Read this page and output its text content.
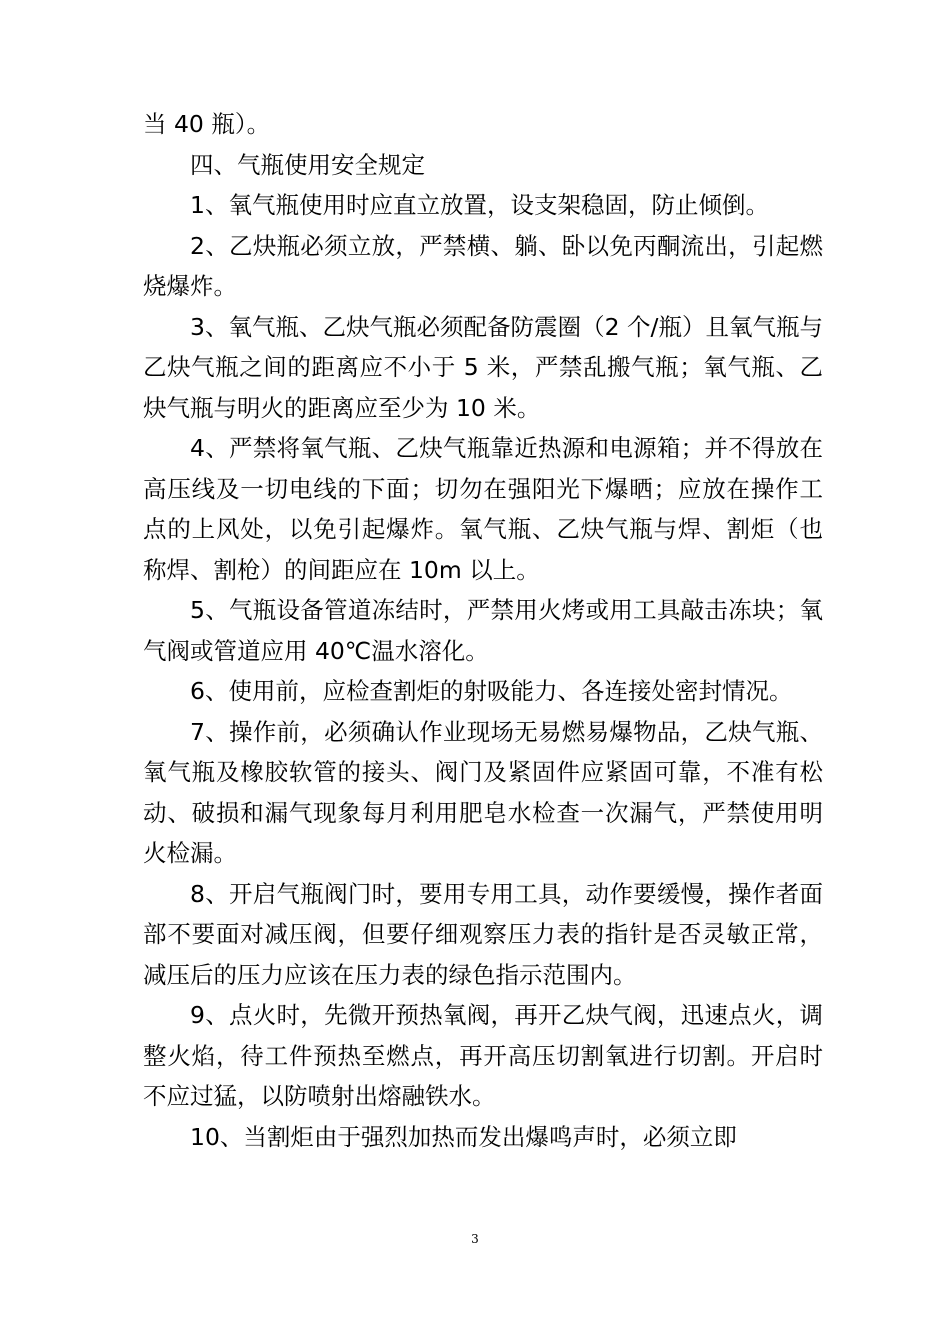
当 40 瓶）。

四、气瓶使用安全规定

1、氧气瓶使用时应直立放置，设支架稳固，防止倾倒。

2、乙炔瓶必须立放，严禁横、躺、卧以免丙酮流出，引起燃烧爆炸。

3、氧气瓶、乙炔气瓶必须配备防震圈（2 个/瓶）且氧气瓶与乙炔气瓶之间的距离应不小于 5 米，严禁乱搬气瓶；氧气瓶、乙炔气瓶与明火的距离应至少为 10 米。

4、严禁将氧气瓶、乙炔气瓶靠近热源和电源箱；并不得放在高压线及一切电线的下面；切勿在强阳光下爆晒；应放在操作工点的上风处，以免引起爆炸。氧气瓶、乙炔气瓶与焊、割炬（也称焊、割枪）的间距应在 10m 以上。

5、气瓶设备管道冻结时，严禁用火烤或用工具敲击冻块；氧气阀或管道应用 40℃温水溶化。

6、使用前，应检查割炬的射吸能力、各连接处密封情况。

7、操作前，必须确认作业现场无易燃易爆物品，乙炔气瓶、氧气瓶及橡胶软管的接头、阀门及紧固件应紧固可靠，不准有松动、破损和漏气现象每月利用肥皂水检查一次漏气，严禁使用明火检漏。

8、开启气瓶阀门时，要用专用工具，动作要缓慢，操作者面部不要面对减压阀，但要仔细观察压力表的指针是否灵敏正常，减压后的压力应该在压力表的绿色指示范围内。

9、点火时，先微开预热氧阀，再开乙炔气阀，迅速点火，调整火焰，待工件预热至燃点，再开高压切割氧进行切割。开启时不应过猛，以防喷射出熔融铁水。

10、当割炬由于强烈加热而发出爆鸣声时，必须立即

3
